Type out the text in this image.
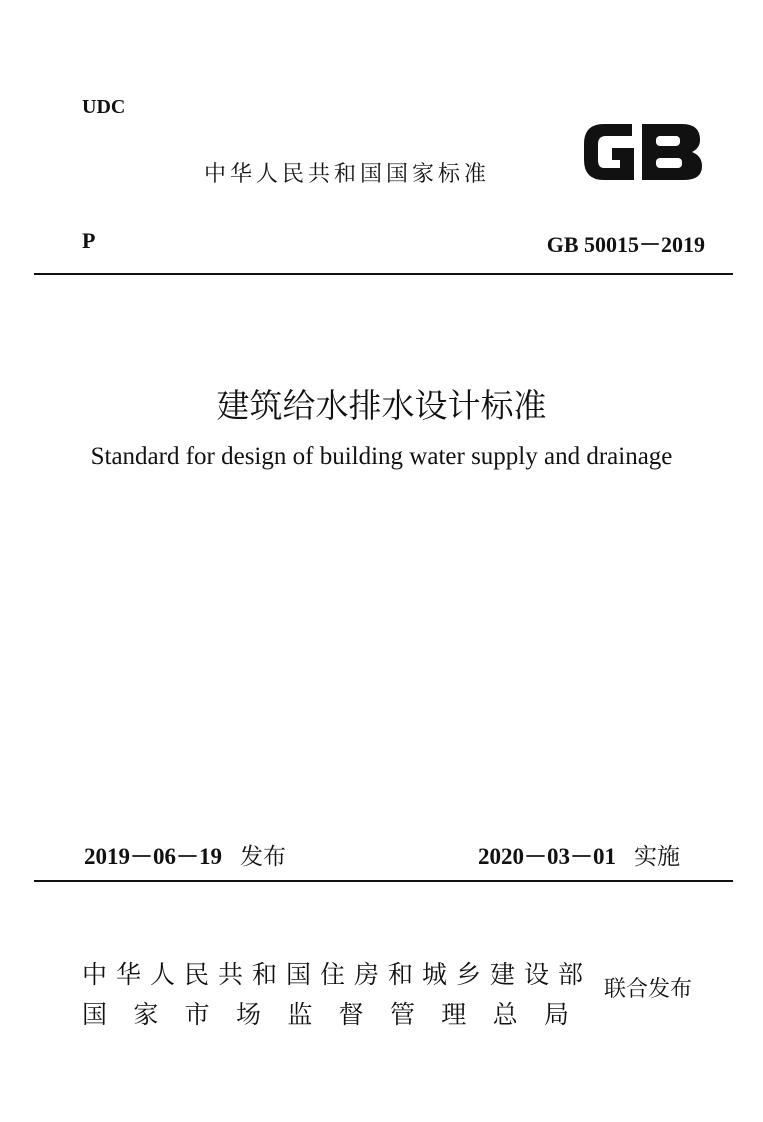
UDC
中华人民共和国国家标准
P	GB 50015－2019
建筑给水排水设计标准
Standard for design of building water supply and drainage
2019－06－19 发布	2020－03－01 实施
中华人民共和国住房和城乡建设部
国 家 市 场 监 督 管 理 总 局
联合发布
